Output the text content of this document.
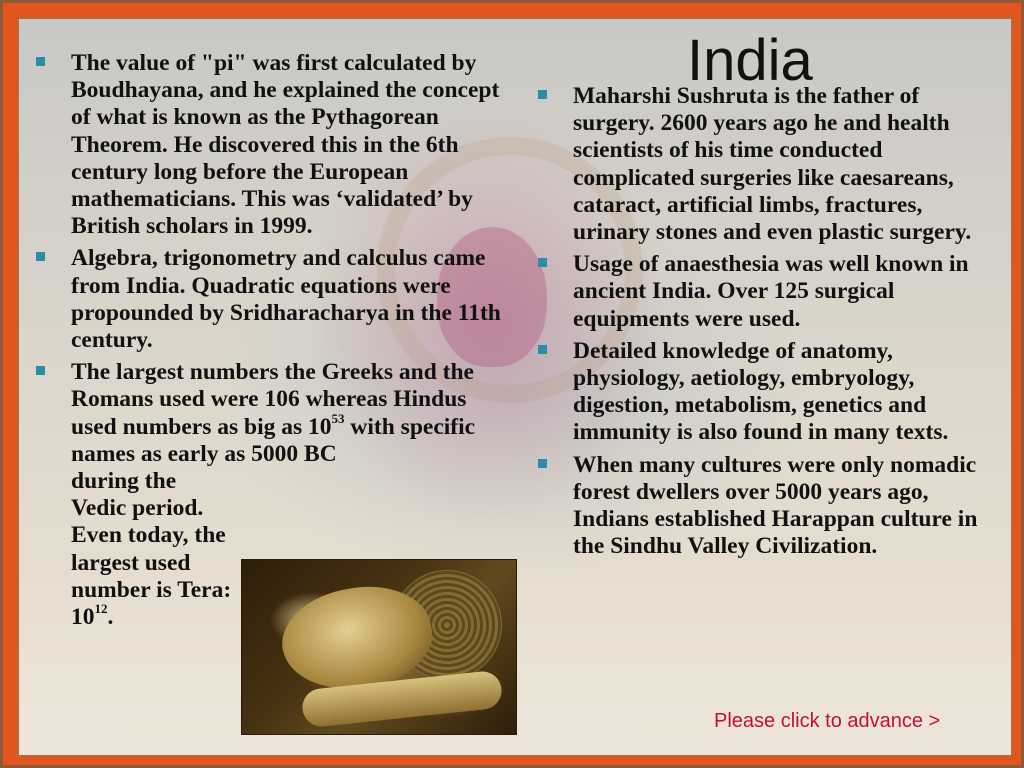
India
The value of "pi" was first calculated by Boudhayana, and he explained the concept of what is known as the Pythagorean Theorem. He discovered this in the 6th century long before the European mathematicians. This was ‘validated’ by British scholars in 1999.
Algebra, trigonometry and calculus came from India. Quadratic equations were propounded by Sridharacharya in the 11th century.
The largest numbers the Greeks and the Romans used were 106 whereas Hindus used numbers as big as $10^{53}$ with specific names as early as 5000 BC
during the Vedic period. Even today, the largest used number is Tera: $10^{12}$.
Maharshi Sushruta is the father of surgery. 2600 years ago he and health scientists of his time conducted complicated surgeries like caesareans, cataract, artificial limbs, fractures, urinary stones and even plastic surgery.
Usage of anaesthesia was well known in ancient India. Over 125 surgical equipments were used.
Detailed knowledge of anatomy, physiology, aetiology, embryology, digestion, metabolism, genetics and immunity is also found in many texts.
When many cultures were only nomadic forest dwellers over 5000 years ago, Indians established Harappan culture in the Sindhu Valley Civilization.
Please click to advance >
